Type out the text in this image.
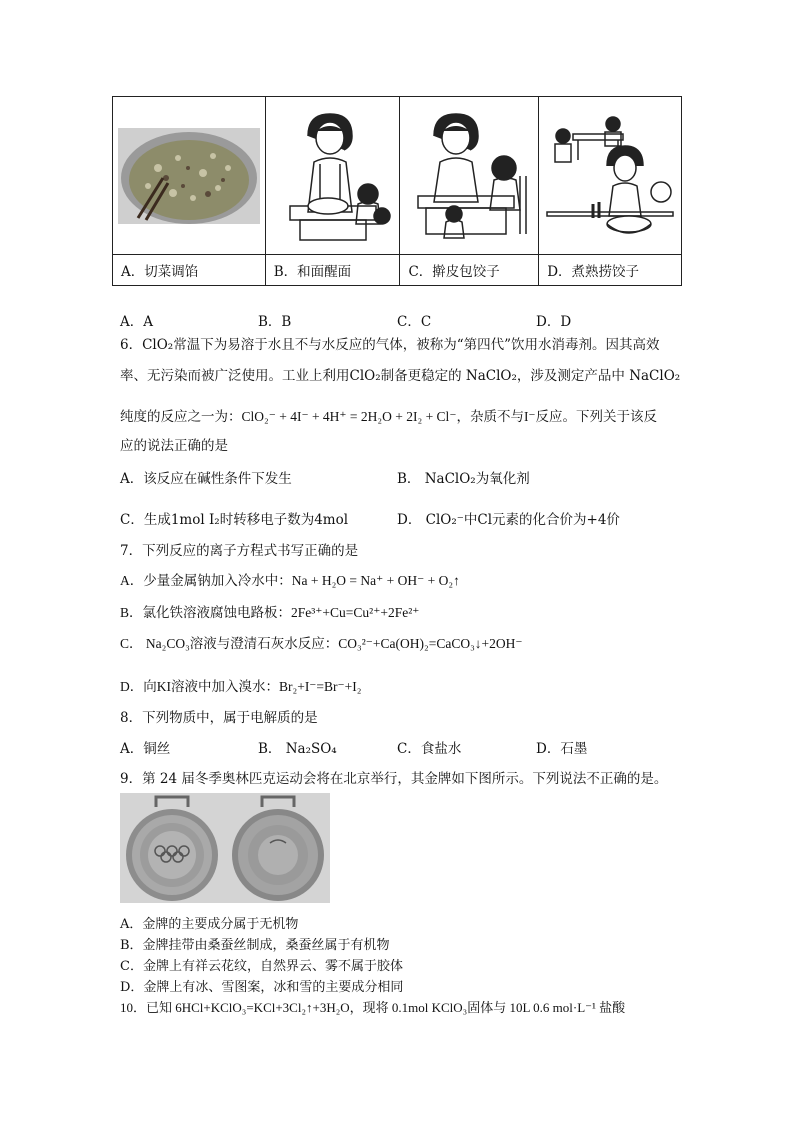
A．切菜调馅	B．和面醒面	C．擀皮包饺子	D．煮熟捞饺子
A．A	B．B	C．C	D．D
6．ClO₂常温下为易溶于水且不与水反应的气体，被称为“第四代”饮用水消毒剂。因其高效
率、无污染而被广泛使用。工业上利用ClO₂制备更稳定的 NaClO₂，涉及测定产品中 NaClO₂
纯度的反应之一为：ClO₂⁻ + 4I⁻ + 4H⁺ = 2H₂O + 2I₂ + Cl⁻，杂质不与I⁻反应。下列关于该反
应的说法正确的是
A．该反应在碱性条件下发生	B． NaClO₂为氧化剂
C．生成1mol I₂时转移电子数为4mol	D． ClO₂⁻中Cl元素的化合价为+4价
7．下列反应的离子方程式书写正确的是
A．少量金属钠加入冷水中：Na + H₂O = Na⁺ + OH⁻ + O₂↑
B．氯化铁溶液腐蚀电路板：2Fe³⁺+Cu=Cu²⁺+2Fe²⁺
C． Na₂CO₃溶液与澄清石灰水反应：CO₃²⁻+Ca(OH)₂=CaCO₃↓+2OH⁻
D．向KI溶液中加入溴水：Br₂+I⁻=Br⁻+I₂
8．下列物质中，属于电解质的是
A．铜丝	B． Na₂SO₄	C．食盐水	D．石墨
9．第 24 届冬季奥林匹克运动会将在北京举行，其金牌如下图所示。下列说法不正确的是。
A．金牌的主要成分属于无机物
B．金牌挂带由桑蚕丝制成，桑蚕丝属于有机物
C．金牌上有祥云花纹，自然界云、雾不属于胶体
D．金牌上有冰、雪图案，冰和雪的主要成分相同
10．已知 6HCl+KClO₃=KCl+3Cl₂↑+3H₂O，现将 0.1mol KClO₃固体与 10L 0.6 mol·L⁻¹ 盐酸
